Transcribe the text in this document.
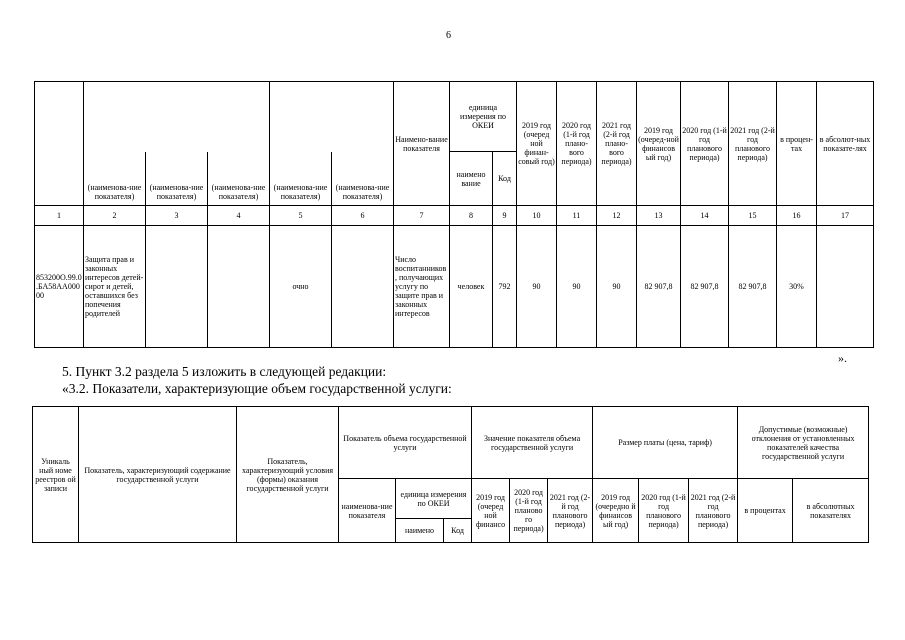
6
						Наимено-вание показателя	единица измерения по ОКЕИ		2019 год (очеред ной финан-совый год)	2020 год (1-й год плано-вого периода)	2021 год (2-й год плано-вого периода)	2019 год (очеред-ной финансов ый год)	2020 год (1-й год планового периода)	2021 год (2-й год планового периода)	в процен-тах	в абсолют-ных показате-лях
	(наименова-ние показателя)	(наименова-ние показателя)	(наименова-ние показателя)	(наименова-ние показателя)	(наименова-ние показателя)		наимено вание	Код								
1	2	3	4	5	6	7	8	9	10	11	12	13	14	15	16	17
853200О.99.0.БА58АА00000	Защита прав и законных интересов детей-сирот и детей, оставшихся без попечения родителей			очно		Число воспитанников, получающих услугу по защите прав и законных интересов	человек	792	90	90	90	82 907,8	82 907,8	82 907,8	30%	
».
5. Пункт 3.2 раздела 5 изложить в следующей редакции:
«3.2. Показатели, характеризующие объем государственной услуги:
Уникаль ный номе реестров ой записи	Показатель, характеризующий содержание государственной услуги	Показатель, характеризующий условия (формы) оказания государственной услуги	Показатель объема государственной услуги			Значение показателя объема государственной услуги			Размер платы (цена, тариф)			Допустимые (возможные) отклонения от установленных показателей качества государственной услуги	
			наименова-ние показателя	единица измерения по ОКЕИ		2019 год (очеред ной финансо	2020 год (1-й год планово го периода)	2021 год (2-й год планового периода)	2019 год (очередно й финансов ый год)	2020 год (1-й год планового периода)	2021 год (2-й год планового периода)	в процентах	в абсолютных показателях
				наимено	Код								
